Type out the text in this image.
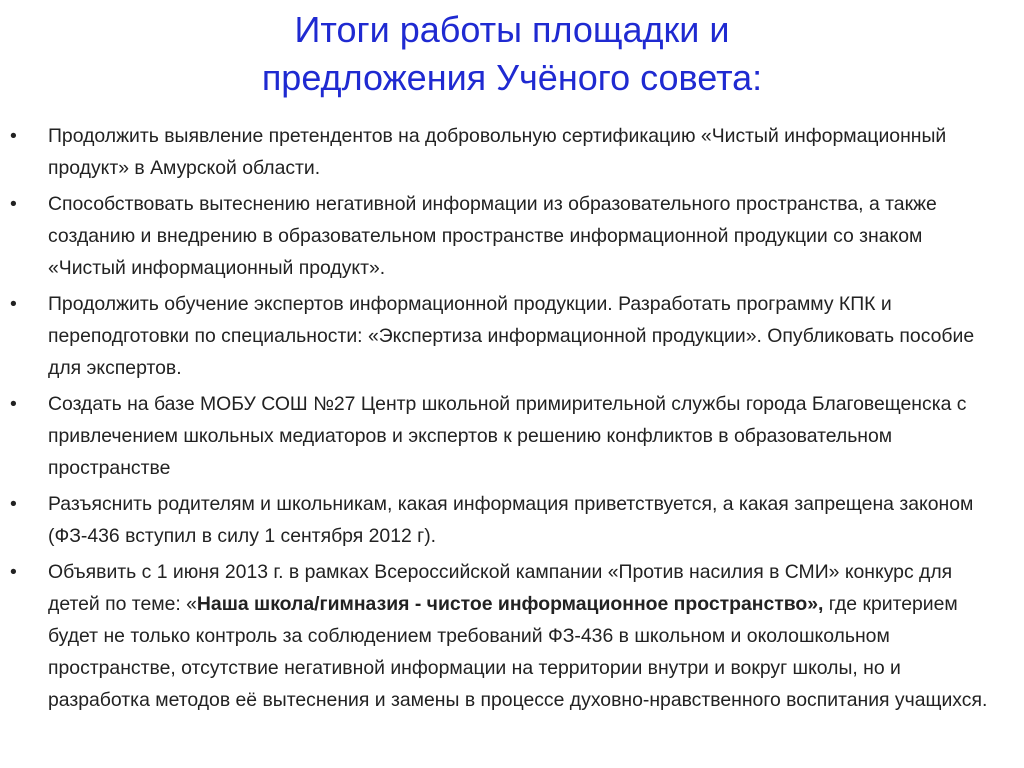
Итоги работы площадки и
предложения Учёного совета:
• Продолжить выявление претендентов на добровольную сертификацию «Чистый информационный продукт» в Амурской области.
• Способствовать вытеснению негативной информации из образовательного пространства, а также созданию и внедрению в образовательном пространстве информационной продукции со знаком «Чистый информационный продукт».
• Продолжить обучение экспертов информационной продукции. Разработать программу КПК и переподготовки по специальности: «Экспертиза информационной продукции». Опубликовать пособие для экспертов.
• Создать на базе МОБУ СОШ №27 Центр школьной примирительной службы города Благовещенска с привлечением школьных медиаторов и экспертов к решению конфликтов в образовательном пространстве
• Разъяснить родителям и школьникам, какая информация приветствуется, а какая запрещена законом (ФЗ-436 вступил в силу 1 сентября 2012 г).
• Объявить с 1 июня 2013 г. в рамках Всероссийской кампании «Против насилия в СМИ» конкурс для детей по теме: «Наша школа/гимназия - чистое информационное пространство», где критерием будет не только контроль за соблюдением требований ФЗ-436 в школьном и околошкольном пространстве, отсутствие негативной информации на территории внутри и вокруг школы, но и разработка методов её вытеснения и замены в процессе духовно-нравственного воспитания учащихся.
